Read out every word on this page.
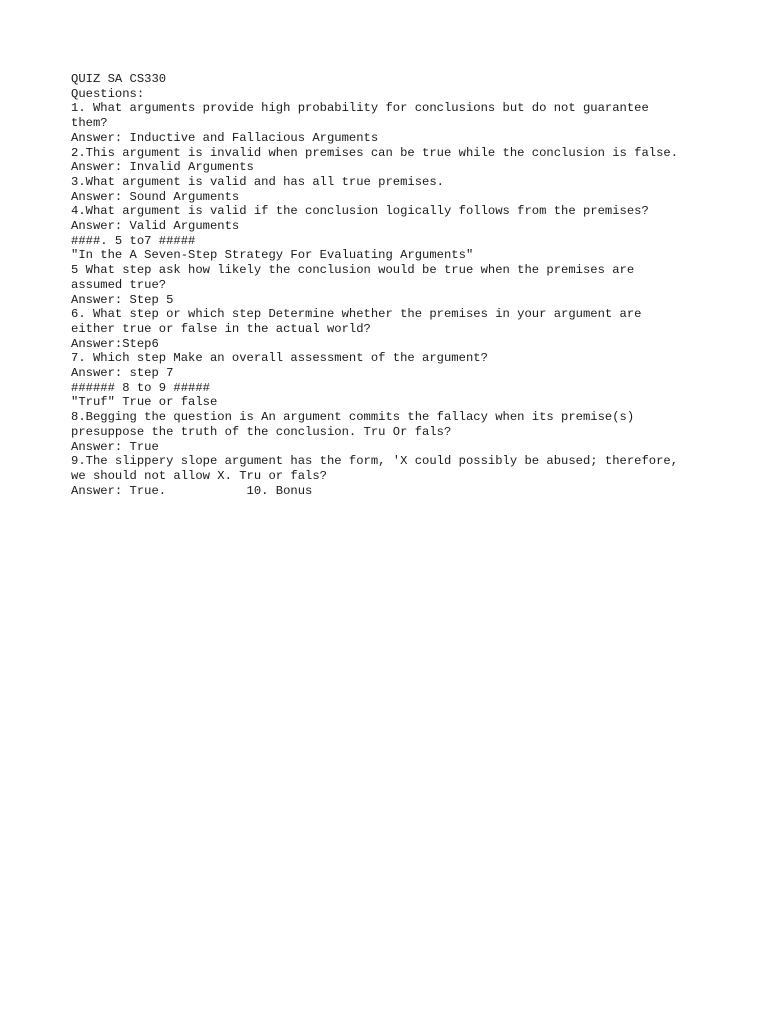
QUIZ SA CS330
Questions:
1. What arguments provide high probability for conclusions but do not guarantee
them?
Answer: Inductive and Fallacious Arguments
2.This argument is invalid when premises can be true while the conclusion is false.
Answer: Invalid Arguments
3.What argument is valid and has all true premises.
Answer: Sound Arguments
4.What argument is valid if the conclusion logically follows from the premises?
Answer: Valid Arguments
####. 5 to7 #####
"In the A Seven-Step Strategy For Evaluating Arguments"
5 What step ask how likely the conclusion would be true when the premises are
assumed true?
Answer: Step 5
6. What step or which step Determine whether the premises in your argument are
either true or false in the actual world?
Answer:Step6
7. Which step Make an overall assessment of the argument?
Answer: step 7
###### 8 to 9 #####
"Truf" True or false
8.Begging the question is An argument commits the fallacy when its premise(s)
presuppose the truth of the conclusion. Tru Or fals?
Answer: True
9.The slippery slope argument has the form, 'X could possibly be abused; therefore,
we should not allow X. Tru or fals?
Answer: True.           10. Bonus
